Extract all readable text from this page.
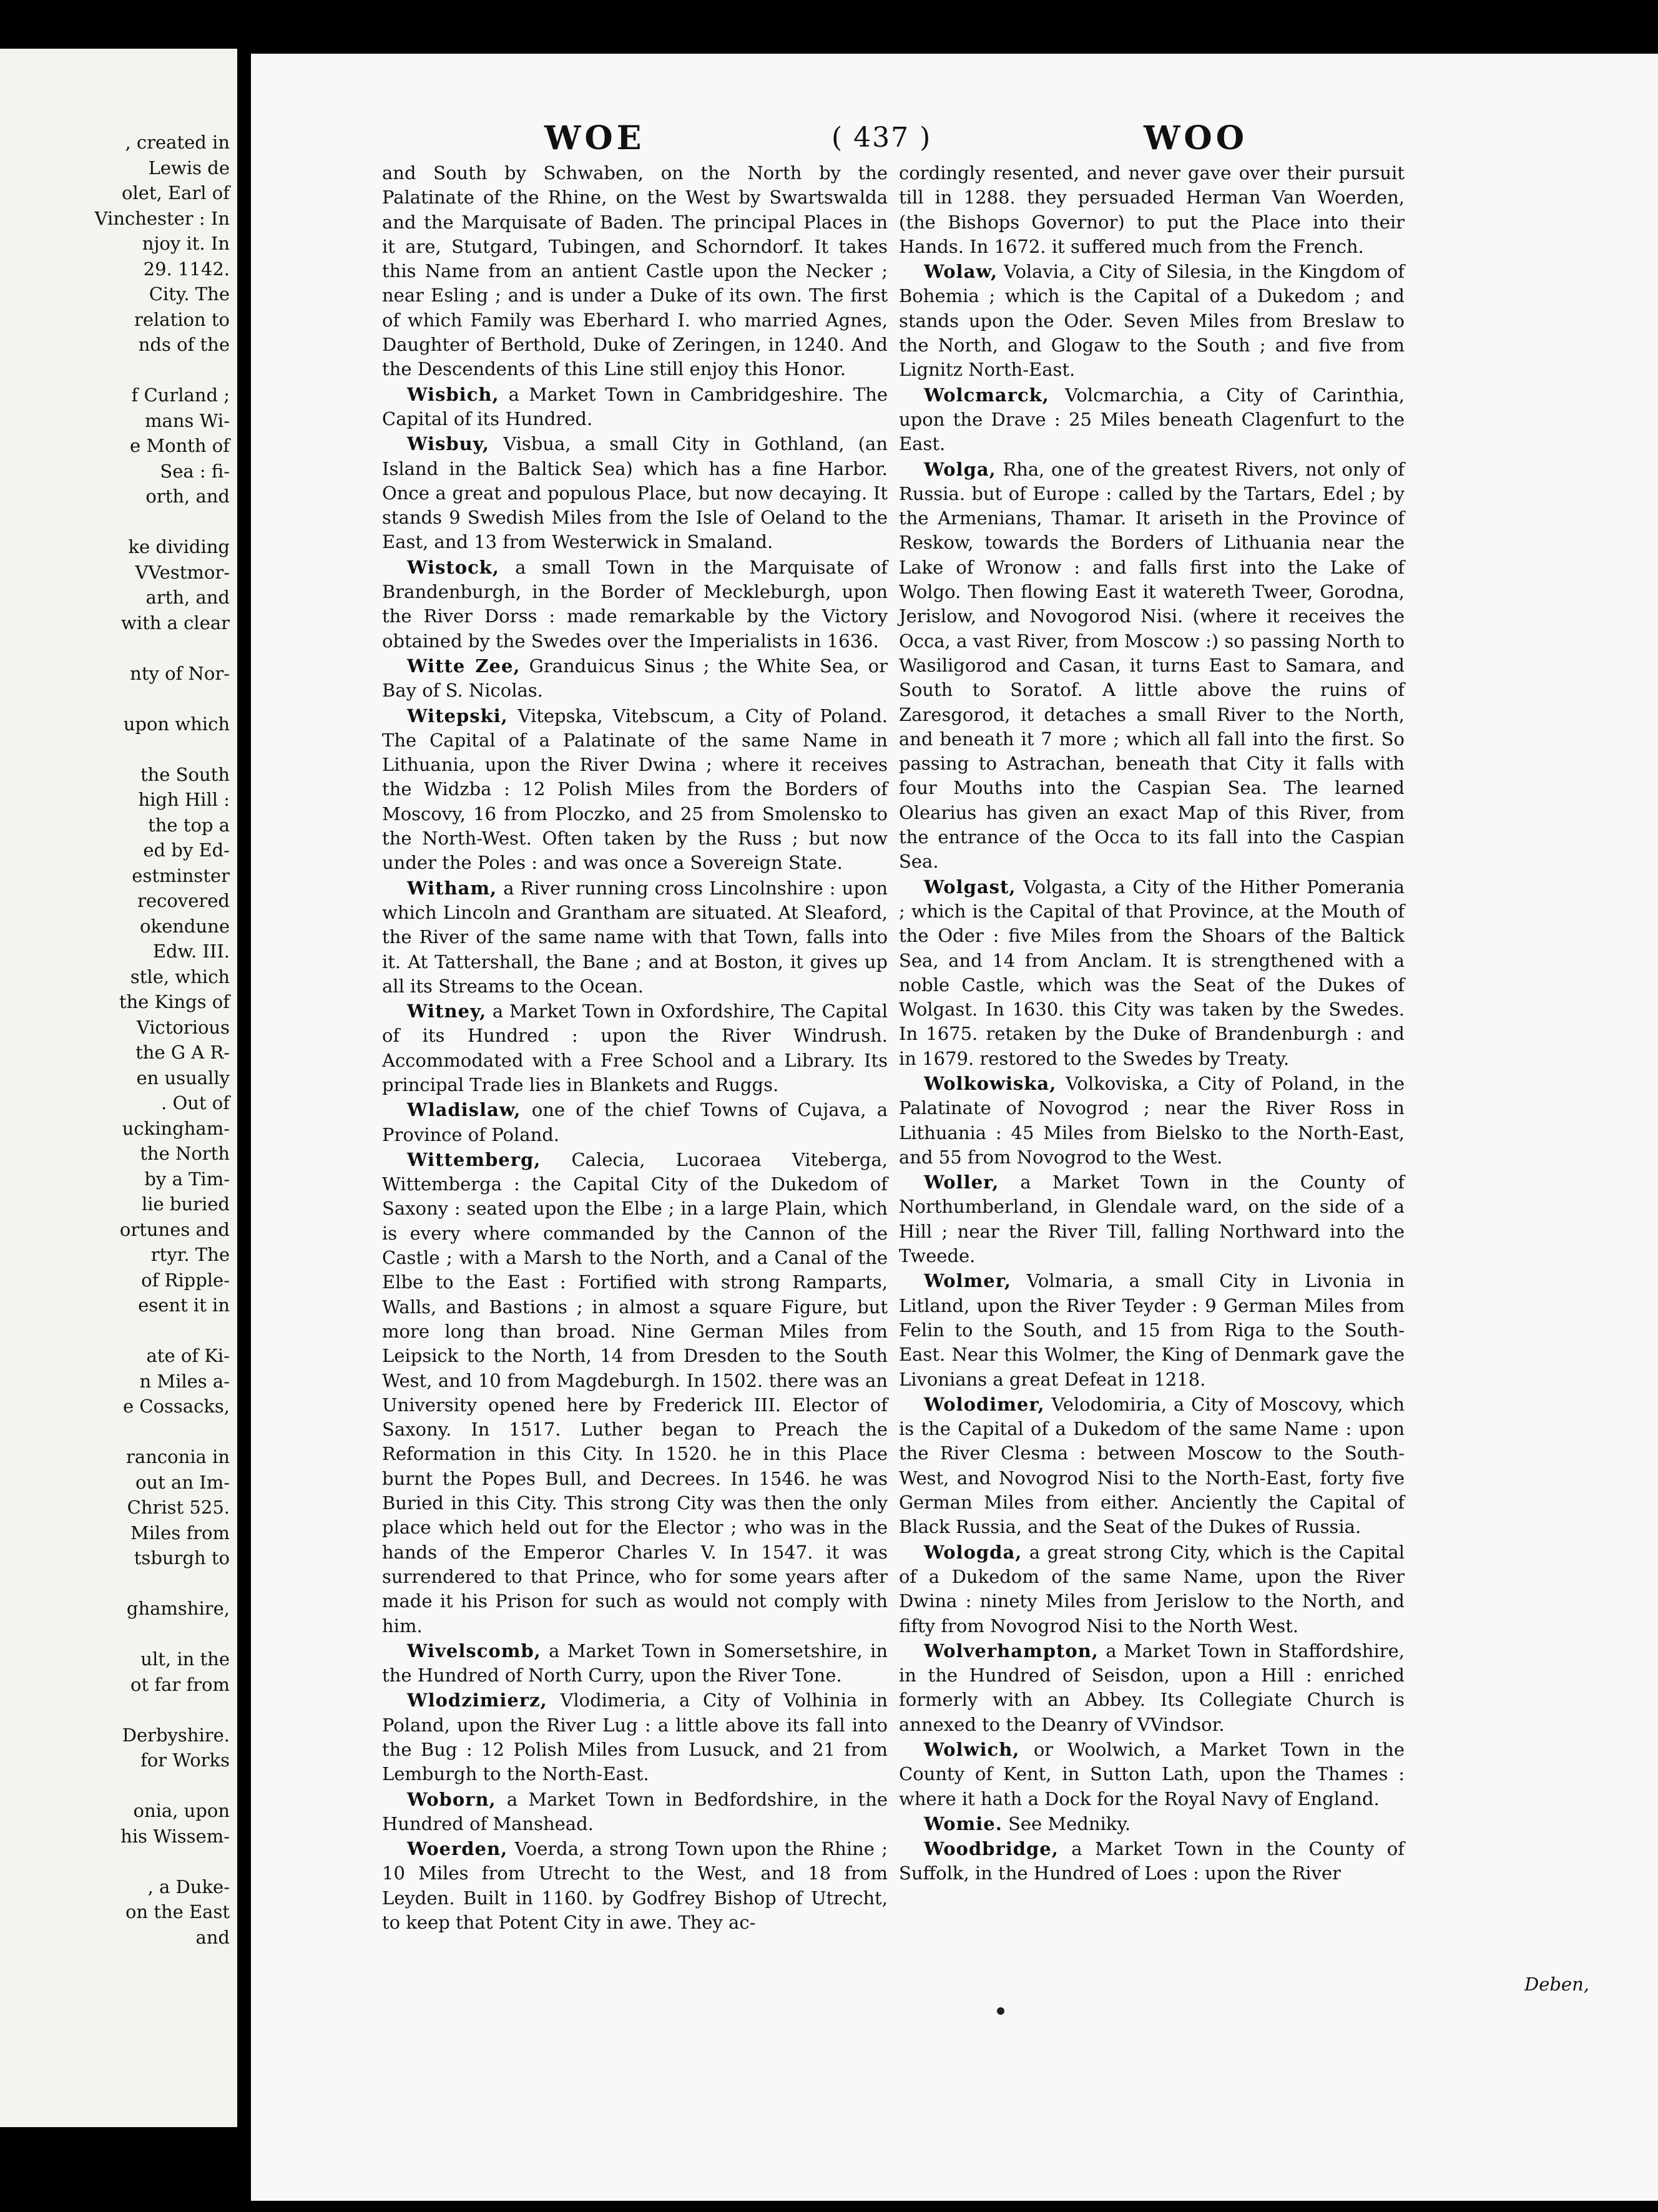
, created in
Lewis de
olet, Earl of
Vinchester : In
njoy it. In
29. 1142.
City. The
relation to
nds of the

f Curland ;
mans Wi-
e Month of
Sea : fi-
orth, and

ke dividing
VVestmor-
arth, and
with a clear

nty of Nor-

upon which

the South
high Hill :
the top a
ed by Ed-
estminster
recovered
okendune
Edw. III.
stle, which
the Kings of
Victorious
the G A R-
en usually
. Out of
uckingham-
the North
by a Tim-
lie buried
ortunes and
rtyr. The
of Ripple-
esent it in

ate of Ki-
n Miles a-
e Cossacks,

ranconia in
out an Im-
Christ 525.
Miles from
tsburgh to

ghamshire,

ult, in the
ot far from

Derbyshire.
for Works

onia, upon
his Wissem-

, a Duke-
on the East
and
WOE	( 437 )	WOO

and South by Schwaben, on the North by the Palatinate of the Rhine, on the West by Swartswalda and the Marquisate of Baden. The principal Places in it are, Stutgard, Tubingen, and Schorndorf. It takes this Name from an antient Castle upon the Necker ; near Esling ; and is under a Duke of its own. The first of which Family was Eberhard I. who married Agnes, Daughter of Berthold, Duke of Zeringen, in 1240. And the Descendents of this Line still enjoy this Honor.

Wisbich, a Market Town in Cambridgeshire. The Capital of its Hundred.

Wisbuy, Visbua, a small City in Gothland, (an Island in the Baltick Sea) which has a fine Harbor. Once a great and populous Place, but now decaying. It stands 9 Swedish Miles from the Isle of Oeland to the East, and 13 from Westerwick in Smaland.

Wistock, a small Town in the Marquisate of Brandenburgh, in the Border of Meckleburgh, upon the River Dorss : made remarkable by the Victory obtained by the Swedes over the Imperialists in 1636.

Witte Zee, Granduicus Sinus ; the White Sea, or Bay of S. Nicolas.

Witepski, Vitepska, Vitebscum, a City of Poland. The Capital of a Palatinate of the same Name in Lithuania, upon the River Dwina ; where it receives the Widzba : 12 Polish Miles from the Borders of Moscovy, 16 from Ploczko, and 25 from Smolensko to the North-West. Often taken by the Russ ; but now under the Poles : and was once a Sovereign State.

Witham, a River running cross Lincolnshire : upon which Lincoln and Grantham are situated. At Sleaford, the River of the same name with that Town, falls into it. At Tattershall, the Bane ; and at Boston, it gives up all its Streams to the Ocean.

Witney, a Market Town in Oxfordshire, The Capital of its Hundred : upon the River Windrush. Accommodated with a Free School and a Library. Its principal Trade lies in Blankets and Ruggs.

Wladislaw, one of the chief Towns of Cujava, a Province of Poland.

Wittemberg, Calecia, Lucoraea Viteberga, Wittemberga : the Capital City of the Dukedom of Saxony : seated upon the Elbe ; in a large Plain, which is every where commanded by the Cannon of the Castle ; with a Marsh to the North, and a Canal of the Elbe to the East : Fortified with strong Ramparts, Walls, and Bastions ; in almost a square Figure, but more long than broad. Nine German Miles from Leipsick to the North, 14 from Dresden to the South West, and 10 from Magdeburgh. In 1502. there was an University opened here by Frederick III. Elector of Saxony. In 1517. Luther began to Preach the Reformation in this City. In 1520. he in this Place burnt the Popes Bull, and Decrees. In 1546. he was Buried in this City. This strong City was then the only place which held out for the Elector ; who was in the hands of the Emperor Charles V. In 1547. it was surrendered to that Prince, who for some years after made it his Prison for such as would not comply with him.

Wivelscomb, a Market Town in Somersetshire, in the Hundred of North Curry, upon the River Tone.

Wlodzimierz, Vlodimeria, a City of Volhinia in Poland, upon the River Lug : a little above its fall into the Bug : 12 Polish Miles from Lusuck, and 21 from Lemburgh to the North-East.

Woborn, a Market Town in Bedfordshire, in the Hundred of Manshead.

Woerden, Voerda, a strong Town upon the Rhine ; 10 Miles from Utrecht to the West, and 18 from Leyden. Built in 1160. by Godfrey Bishop of Utrecht, to keep that Potent City in awe. They ac-

cordingly resented, and never gave over their pursuit till in 1288. they persuaded Herman Van Woerden, (the Bishops Governor) to put the Place into their Hands. In 1672. it suffered much from the French.

Wolaw, Volavia, a City of Silesia, in the Kingdom of Bohemia ; which is the Capital of a Dukedom ; and stands upon the Oder. Seven Miles from Breslaw to the North, and Glogaw to the South ; and five from Lignitz North-East.

Wolcmarck, Volcmarchia, a City of Carinthia, upon the Drave : 25 Miles beneath Clagenfurt to the East.

Wolga, Rha, one of the greatest Rivers, not only of Russia. but of Europe : called by the Tartars, Edel ; by the Armenians, Thamar. It ariseth in the Province of Reskow, towards the Borders of Lithuania near the Lake of Wronow : and falls first into the Lake of Wolgo. Then flowing East it watereth Tweer, Gorodna, Jerislow, and Novogorod Nisi. (where it receives the Occa, a vast River, from Moscow :) so passing North to Wasiligorod and Casan, it turns East to Samara, and South to Soratof. A little above the ruins of Zaresgorod, it detaches a small River to the North, and beneath it 7 more ; which all fall into the first. So passing to Astrachan, beneath that City it falls with four Mouths into the Caspian Sea. The learned Olearius has given an exact Map of this River, from the entrance of the Occa to its fall into the Caspian Sea.

Wolgast, Volgasta, a City of the Hither Pomerania ; which is the Capital of that Province, at the Mouth of the Oder : five Miles from the Shoars of the Baltick Sea, and 14 from Anclam. It is strengthened with a noble Castle, which was the Seat of the Dukes of Wolgast. In 1630. this City was taken by the Swedes. In 1675. retaken by the Duke of Brandenburgh : and in 1679. restored to the Swedes by Treaty.

Wolkowiska, Volkoviska, a City of Poland, in the Palatinate of Novogrod ; near the River Ross in Lithuania : 45 Miles from Bielsko to the North-East, and 55 from Novogrod to the West.

Woller, a Market Town in the County of Northumberland, in Glendale ward, on the side of a Hill ; near the River Till, falling Northward into the Tweede.

Wolmer, Volmaria, a small City in Livonia in Litland, upon the River Teyder : 9 German Miles from Felin to the South, and 15 from Riga to the South-East. Near this Wolmer, the King of Denmark gave the Livonians a great Defeat in 1218.

Wolodimer, Velodomiria, a City of Moscovy, which is the Capital of a Dukedom of the same Name : upon the River Clesma : between Moscow to the South-West, and Novogrod Nisi to the North-East, forty five German Miles from either. Anciently the Capital of Black Russia, and the Seat of the Dukes of Russia.

Wologda, a great strong City, which is the Capital of a Dukedom of the same Name, upon the River Dwina : ninety Miles from Jerislow to the North, and fifty from Novogrod Nisi to the North West.

Wolverhampton, a Market Town in Staffordshire, in the Hundred of Seisdon, upon a Hill : enriched formerly with an Abbey. Its Collegiate Church is annexed to the Deanry of VVindsor.

Wolwich, or Woolwich, a Market Town in the County of Kent, in Sutton Lath, upon the Thames : where it hath a Dock for the Royal Navy of England.

Womie. See Medniky.

Woodbridge, a Market Town in the County of Suffolk, in the Hundred of Loes : upon the River

Deben,
